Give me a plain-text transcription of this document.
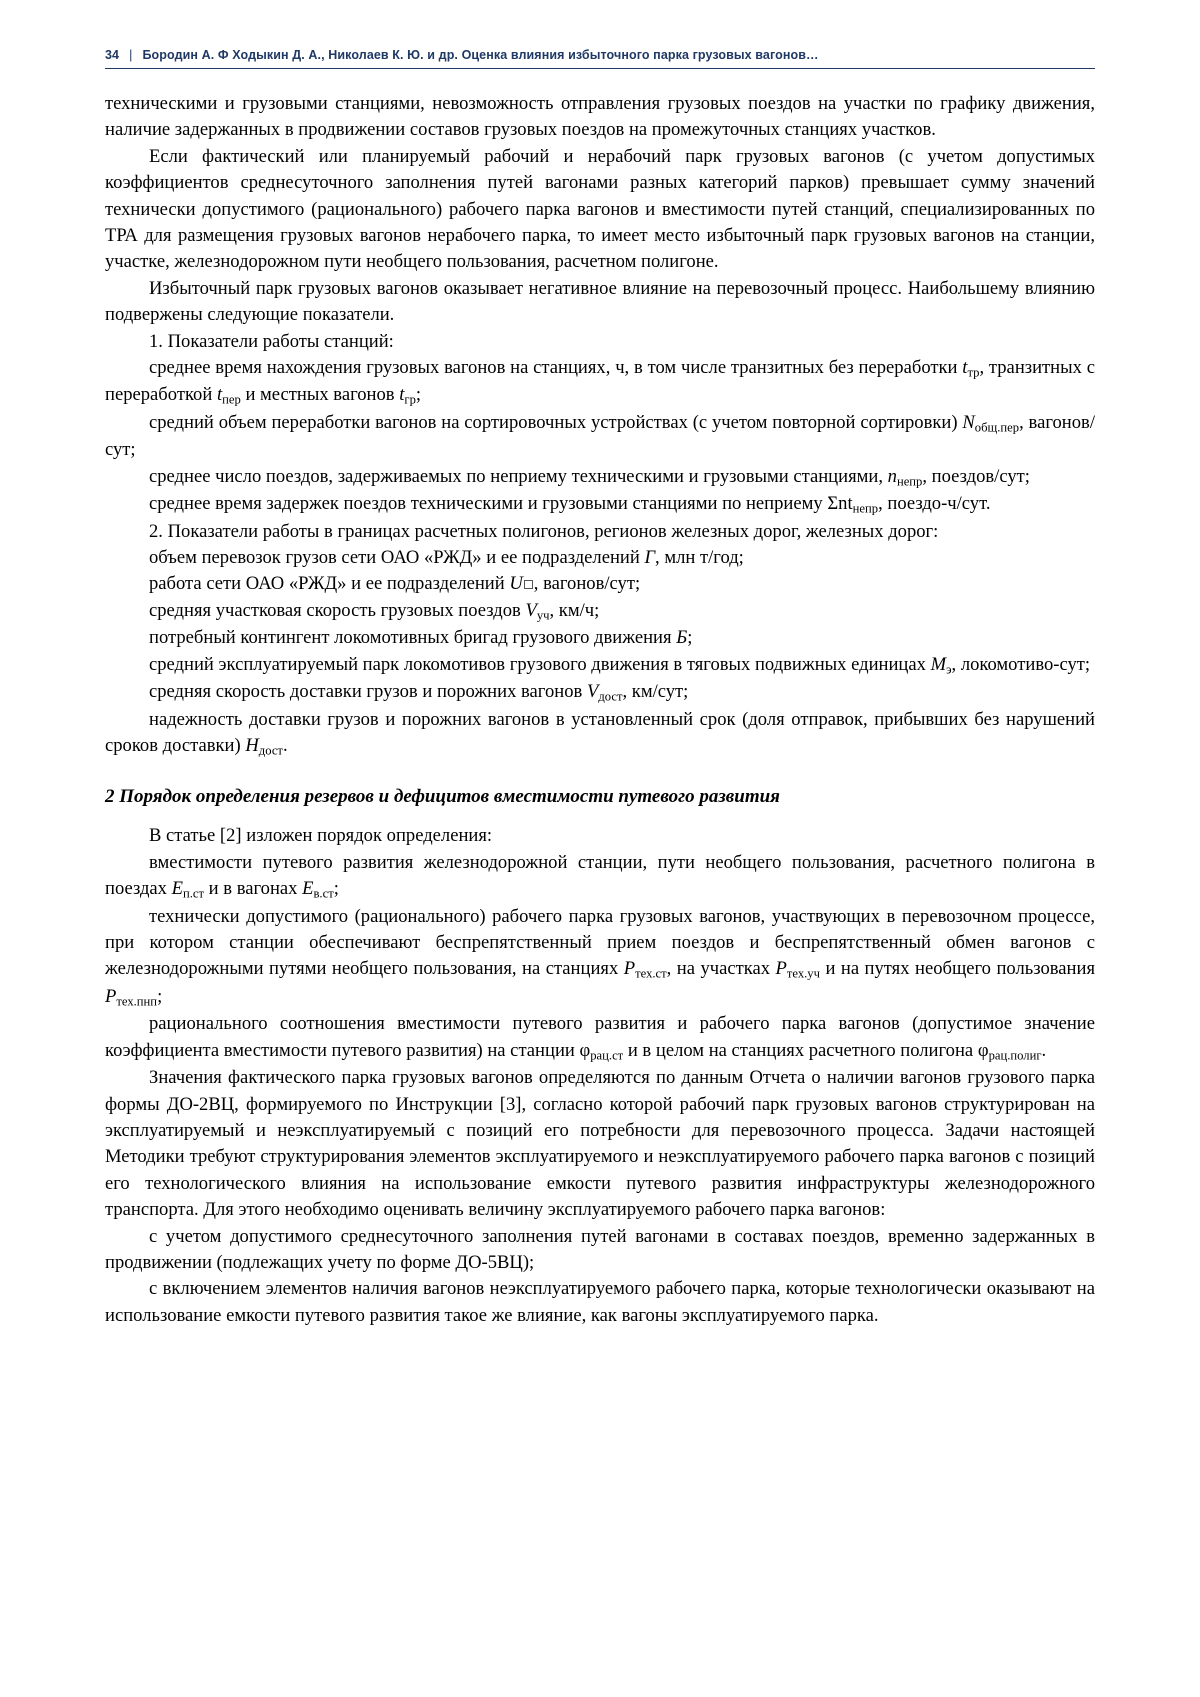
34 | Бородин А. Ф Ходыкин Д. А., Николаев К. Ю. и др. Оценка влияния избыточного парка грузовых вагонов…

техническими и грузовыми станциями, невозможность отправления грузовых поездов на участки по графику движения, наличие задержанных в продвижении составов грузовых поездов на промежуточных станциях участков.

Если фактический или планируемый рабочий и нерабочий парк грузовых вагонов (с учетом допустимых коэффициентов среднесуточного заполнения путей вагонами разных категорий парков) превышает сумму значений технически допустимого (рационального) рабочего парка вагонов и вместимости путей станций, специализированных по ТРА для размещения грузовых вагонов нерабочего парка, то имеет место избыточный парк грузовых вагонов на станции, участке, железнодорожном пути необщего пользования, расчетном полигоне.

Избыточный парк грузовых вагонов оказывает негативное влияние на перевозочный процесс. Наибольшему влиянию подвержены следующие показатели.

1. Показатели работы станций:

среднее время нахождения грузовых вагонов на станциях, ч, в том числе транзитных без переработки $t_{тр}$, транзитных с переработкой $t_{пер}$ и местных вагонов $t_{гр}$;

средний объем переработки вагонов на сортировочных устройствах (с учетом повторной сортировки) $N_{общ.пер}$, вагонов/сут;

среднее число поездов, задерживаемых по неприему техническими и грузовыми станциями, $n_{непр}$, поездов/сут;

среднее время задержек поездов техническими и грузовыми станциями по неприему Σnt$_{непр}$, поездо-ч/сут.

2. Показатели работы в границах расчетных полигонов, регионов железных дорог, железных дорог:

объем перевозок грузов сети ОАО «РЖД» и ее подразделений Г, млн т/год;

работа сети ОАО «РЖД» и ее подразделений U , вагонов/сут;

средняя участковая скорость грузовых поездов $V_{уч}$, км/ч;

потребный контингент локомотивных бригад грузового движения Б;

средний эксплуатируемый парк локомотивов грузового движения в тяговых подвижных единицах $М_э$, локомотиво-сут;

средняя скорость доставки грузов и порожних вагонов $V_{дост}$, км/сут;

надежность доставки грузов и порожних вагонов в установленный срок (доля отправок, прибывших без нарушений сроков доставки) $Н_{дост}$.

2 Порядок определения резервов и дефицитов вместимости путевого развития

В статье [2] изложен порядок определения:

вместимости путевого развития железнодорожной станции, пути необщего пользования, расчетного полигона в поездах $E_{п.ст}$ и в вагонах $E_{в.ст}$;

технически допустимого (рационального) рабочего парка грузовых вагонов, участвующих в перевозочном процессе, при котором станции обеспечивают беспрепятственный прием поездов и беспрепятственный обмен вагонов с железнодорожными путями необщего пользования, на станциях $P_{тех.ст}$, на участках $P_{тех.уч}$ и на путях необщего пользования $P_{тех.пнп}$;

рационального соотношения вместимости путевого развития и рабочего парка вагонов (допустимое значение коэффициента вместимости путевого развития) на станции $\varphi_{рац.ст}$ и в целом на станциях расчетного полигона $\varphi_{рац.полиг}$.

Значения фактического парка грузовых вагонов определяются по данным Отчета о наличии вагонов грузового парка формы ДО-2ВЦ, формируемого по Инструкции [3], согласно которой рабочий парк грузовых вагонов структурирован на эксплуатируемый и неэксплуатируемый с позиций его потребности для перевозочного процесса. Задачи настоящей Методики требуют структурирования элементов эксплуатируемого и неэксплуатируемого рабочего парка вагонов с позиций его технологического влияния на использование емкости путевого развития инфраструктуры железнодорожного транспорта. Для этого необходимо оценивать величину эксплуатируемого рабочего парка вагонов:

с учетом допустимого среднесуточного заполнения путей вагонами в составах поездов, временно задержанных в продвижении (подлежащих учету по форме ДО-5ВЦ);

с включением элементов наличия вагонов неэксплуатируемого рабочего парка, которые технологически оказывают на использование емкости путевого развития такое же влияние, как вагоны эксплуатируемого парка.
